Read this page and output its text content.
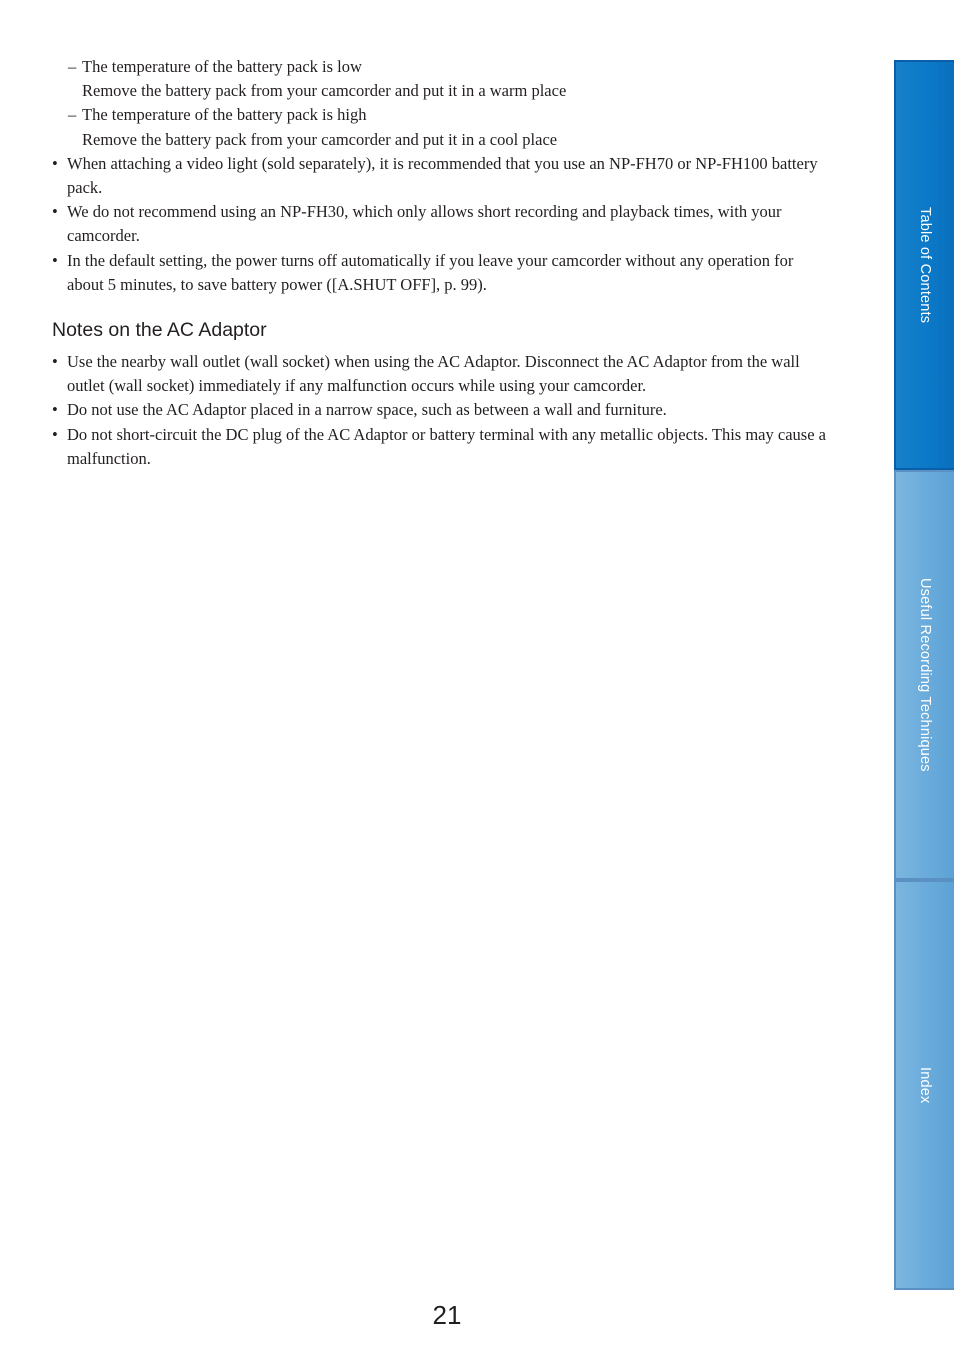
– The temperature of the battery pack is low
Remove the battery pack from your camcorder and put it in a warm place
– The temperature of the battery pack is high
Remove the battery pack from your camcorder and put it in a cool place
• When attaching a video light (sold separately), it is recommended that you use an NP-FH70 or NP-FH100 battery pack.
• We do not recommend using an NP-FH30, which only allows short recording and playback times, with your camcorder.
• In the default setting, the power turns off automatically if you leave your camcorder without any operation for about 5 minutes, to save battery power ([A.SHUT OFF], p. 99).
Notes on the AC Adaptor
• Use the nearby wall outlet (wall socket) when using the AC Adaptor. Disconnect the AC Adaptor from the wall outlet (wall socket) immediately if any malfunction occurs while using your camcorder.
• Do not use the AC Adaptor placed in a narrow space, such as between a wall and furniture.
• Do not short-circuit the DC plug of the AC Adaptor or battery terminal with any metallic objects. This may cause a malfunction.
Table of Contents
Useful Recording Techniques
Index
21
